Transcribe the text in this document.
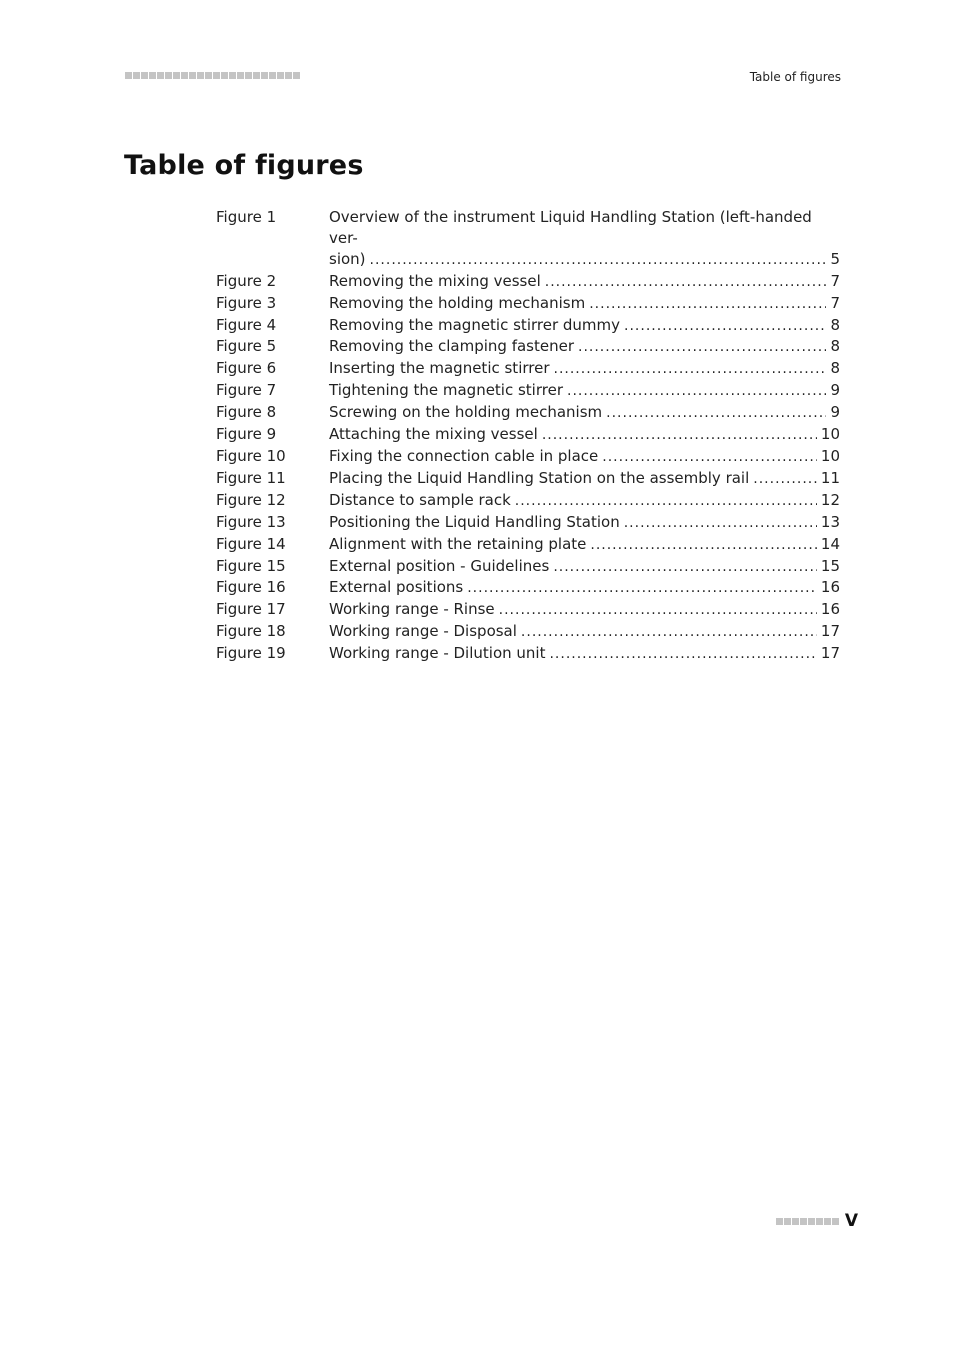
Table of figures
Table of figures
Figure 1	Overview of the instrument Liquid Handling Station (left-handed ver-
sion) .....	5
Figure 2	Removing the mixing vessel .....	7
Figure 3	Removing the holding mechanism .....	7
Figure 4	Removing the magnetic stirrer dummy .....	8
Figure 5	Removing the clamping fastener .....	8
Figure 6	Inserting the magnetic stirrer .....	8
Figure 7	Tightening the magnetic stirrer .....	9
Figure 8	Screwing on the holding mechanism .....	9
Figure 9	Attaching the mixing vessel .....	10
Figure 10	Fixing the connection cable in place .....	10
Figure 11	Placing the Liquid Handling Station on the assembly rail .....	11
Figure 12	Distance to sample rack .....	12
Figure 13	Positioning the Liquid Handling Station .....	13
Figure 14	Alignment with the retaining plate .....	14
Figure 15	External position - Guidelines .....	15
Figure 16	External positions .....	16
Figure 17	Working range - Rinse .....	16
Figure 18	Working range - Disposal .....	17
Figure 19	Working range - Dilution unit .....	17
V
